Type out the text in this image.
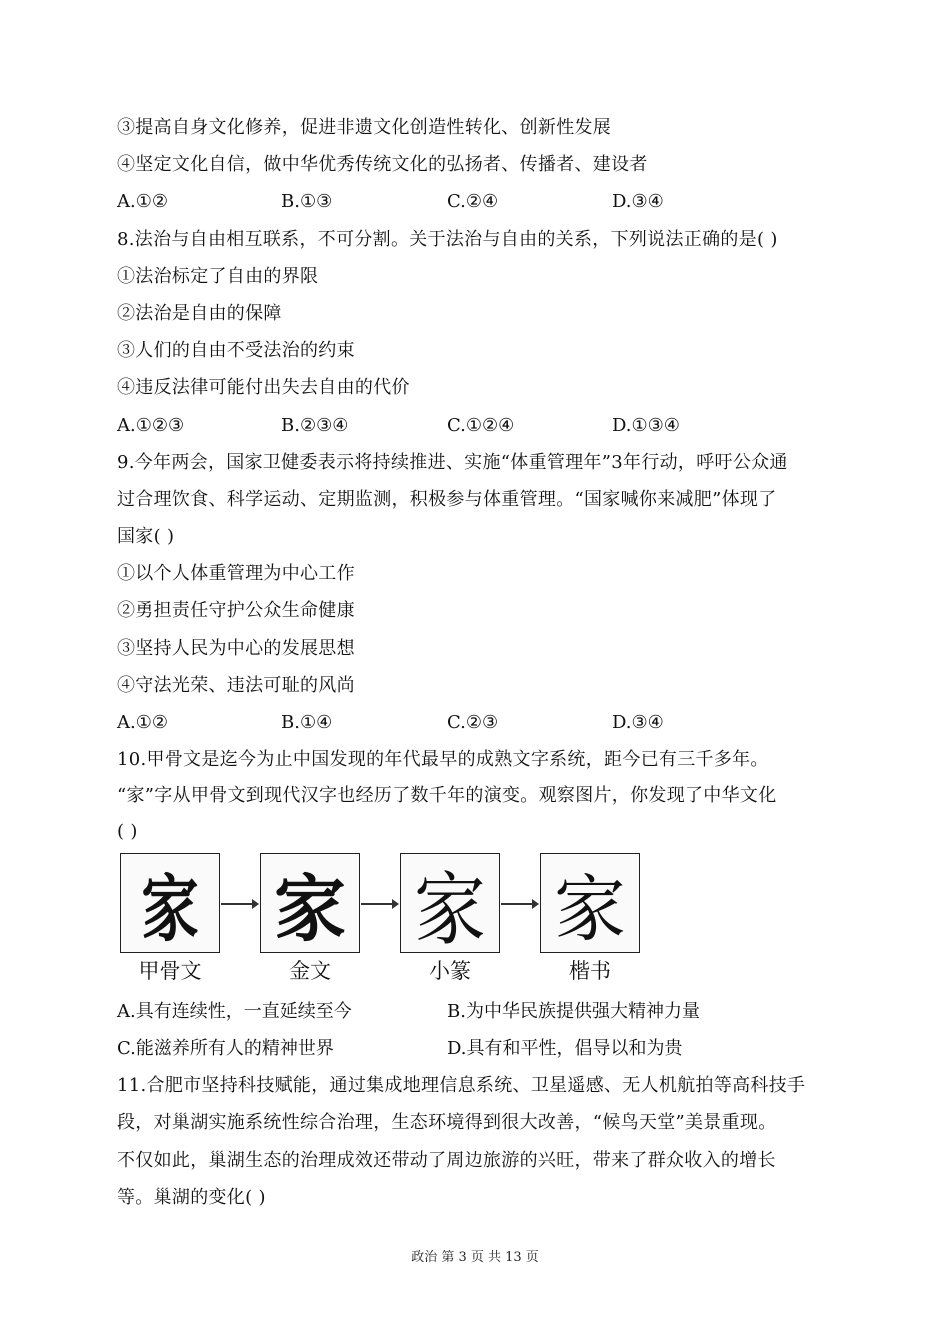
③提高自身文化修养，促进非遗文化创造性转化、创新性发展
④坚定文化自信，做中华优秀传统文化的弘扬者、传播者、建设者
A.①②	B.①③	C.②④	D.③④
8.法治与自由相互联系，不可分割。关于法治与自由的关系，下列说法正确的是( )
①法治标定了自由的界限
②法治是自由的保障
③人们的自由不受法治的约束
④违反法律可能付出失去自由的代价
A.①②③	B.②③④	C.①②④	D.①③④
9.今年两会，国家卫健委表示将持续推进、实施“体重管理年”3年行动，呼吁公众通
过合理饮食、科学运动、定期监测，积极参与体重管理。“国家喊你来减肥”体现了
国家( )
①以个人体重管理为中心工作
②勇担责任守护公众生命健康
③坚持人民为中心的发展思想
④守法光荣、违法可耻的风尚
A.①②	B.①④	C.②③	D.③④
10.甲骨文是迄今为止中国发现的年代最早的成熟文字系统，距今已有三千多年。
“家”字从甲骨文到现代汉字也经历了数千年的演变。观察图片，你发现了中华文化
( )
家 家 家 家
甲骨文	金文	小篆	楷书
A.具有连续性，一直延续至今	B.为中华民族提供强大精神力量
C.能滋养所有人的精神世界	D.具有和平性，倡导以和为贵
11.合肥市坚持科技赋能，通过集成地理信息系统、卫星遥感、无人机航拍等高科技手
段，对巢湖实施系统性综合治理，生态环境得到很大改善，“候鸟天堂”美景重现。
不仅如此，巢湖生态的治理成效还带动了周边旅游的兴旺，带来了群众收入的增长
等。巢湖的变化( )
政治 第 3 页 共 13 页
